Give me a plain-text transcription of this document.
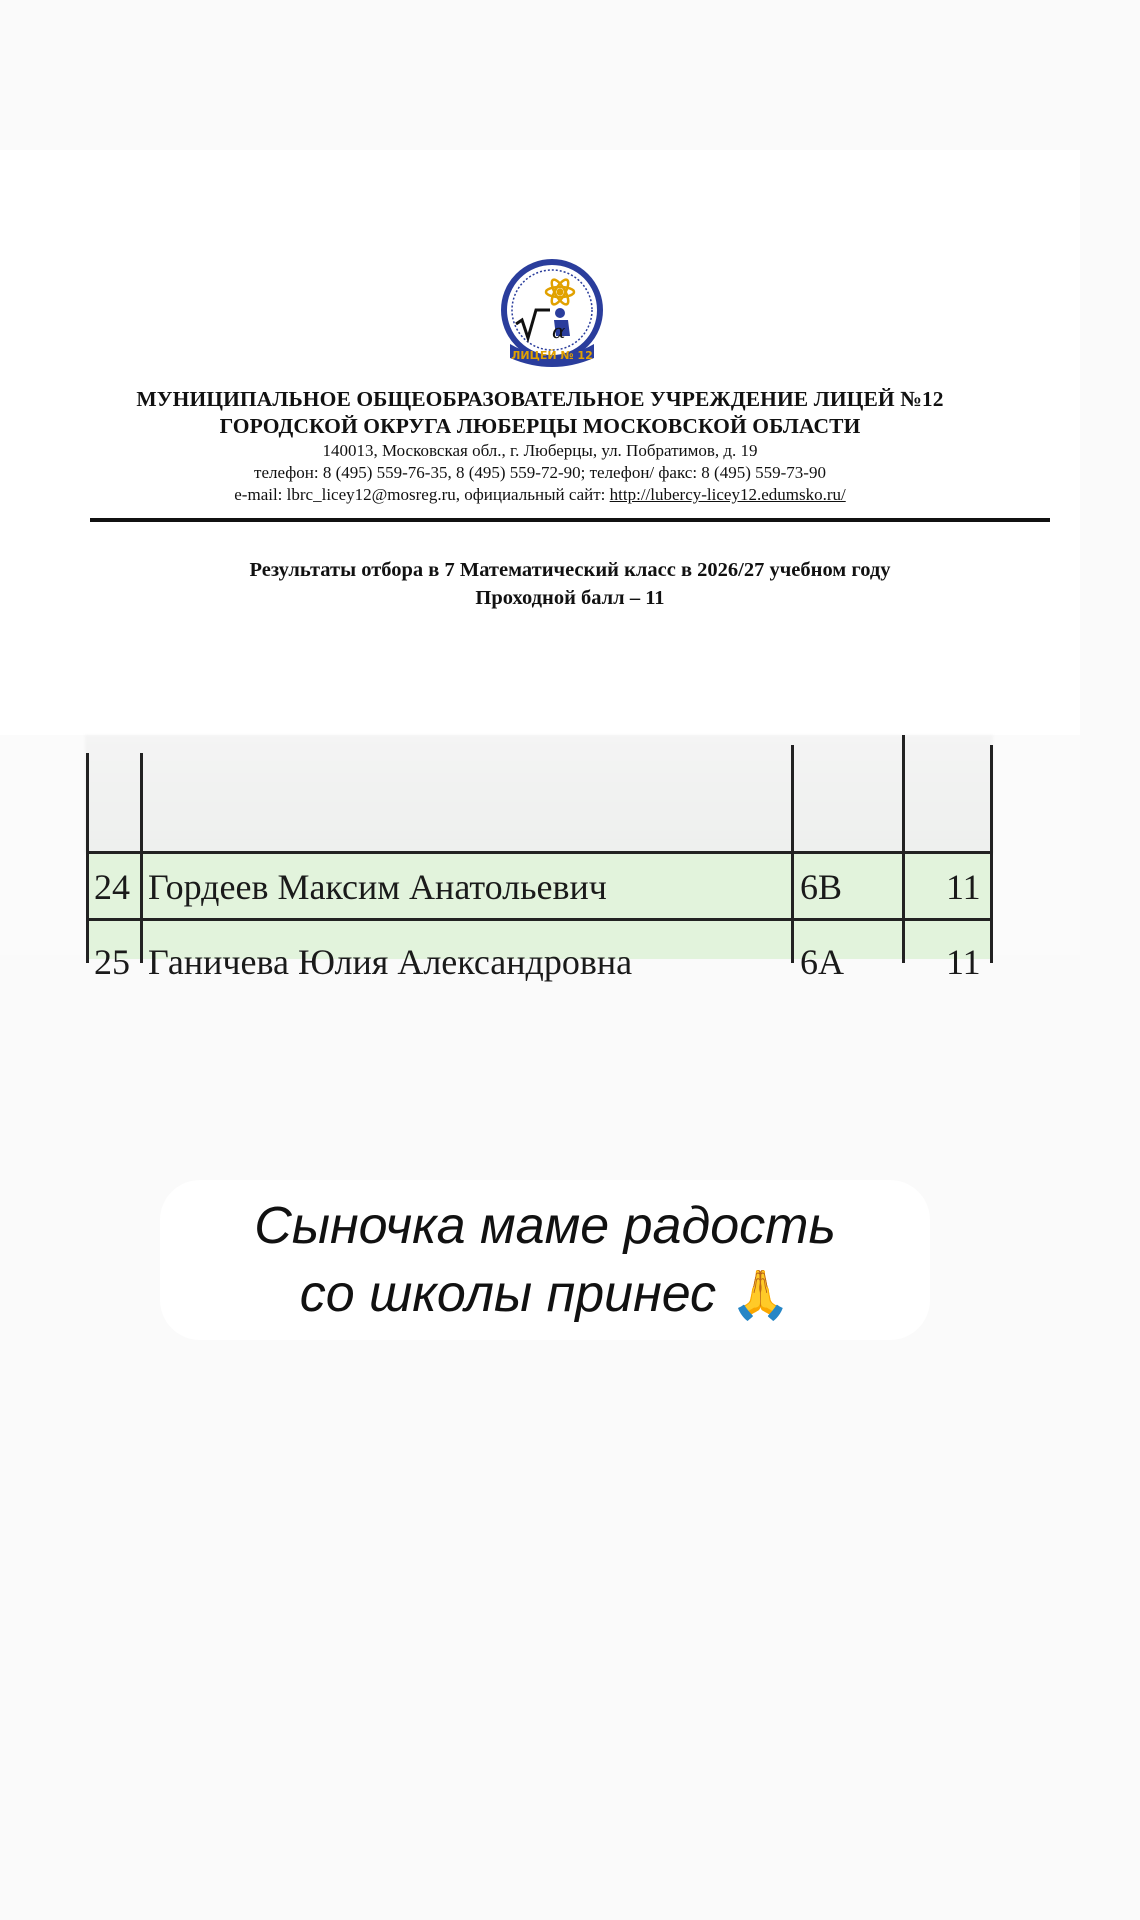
α
ЛИЦЕЙ № 12
МУНИЦИПАЛЬНОЕ ОБЩЕОБРАЗОВАТЕЛЬНОЕ УЧРЕЖДЕНИЕ ЛИЦЕЙ №12
ГОРОДСКОЙ ОКРУГА ЛЮБЕРЦЫ МОСКОВСКОЙ ОБЛАСТИ
140013, Московская обл., г. Люберцы, ул. Побратимов, д. 19
телефон: 8 (495) 559-76-35, 8 (495) 559-72-90; телефон/ факс: 8 (495) 559-73-90
e-mail: lbrc_licey12@mosreg.ru, официальный сайт: http://lubercy-licey12.edumsko.ru/
Результаты отбора в 7 Математический класс в 2026/27 учебном году
Проходной балл – 11
24 Гордеев Максим Анатольевич	6В	11
25 Ганичева Юлия Александровна	6А	11
Сыночка маме радость
со школы принес 🙏
